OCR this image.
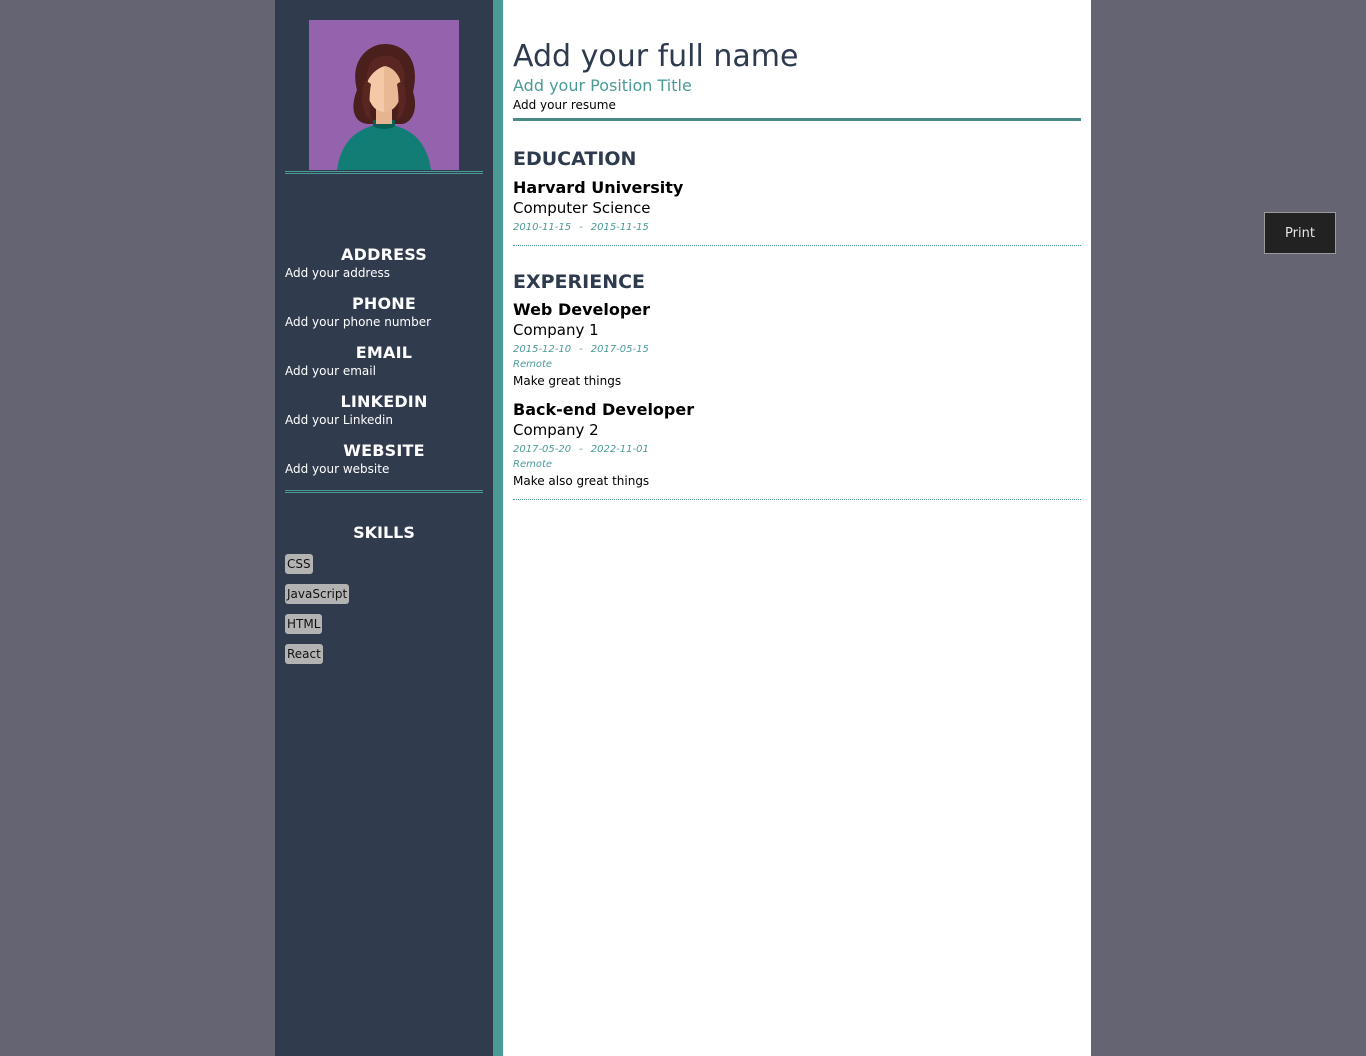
ADDRESS
Add your address
PHONE
Add your phone number
EMAIL
Add your email
LINKEDIN
Add your Linkedin
WEBSITE
Add your website
SKILLS
CSS
JavaScript
HTML
React
Add your full name
Add your Position Title
Add your resume
EDUCATION
Harvard University
Computer Science
2010-11-15 - 2015-11-15
EXPERIENCE
Web Developer
Company 1
2015-12-10 - 2017-05-15
Remote
Make great things
Back-end Developer
Company 2
2017-05-20 - 2022-11-01
Remote
Make also great things
Print
